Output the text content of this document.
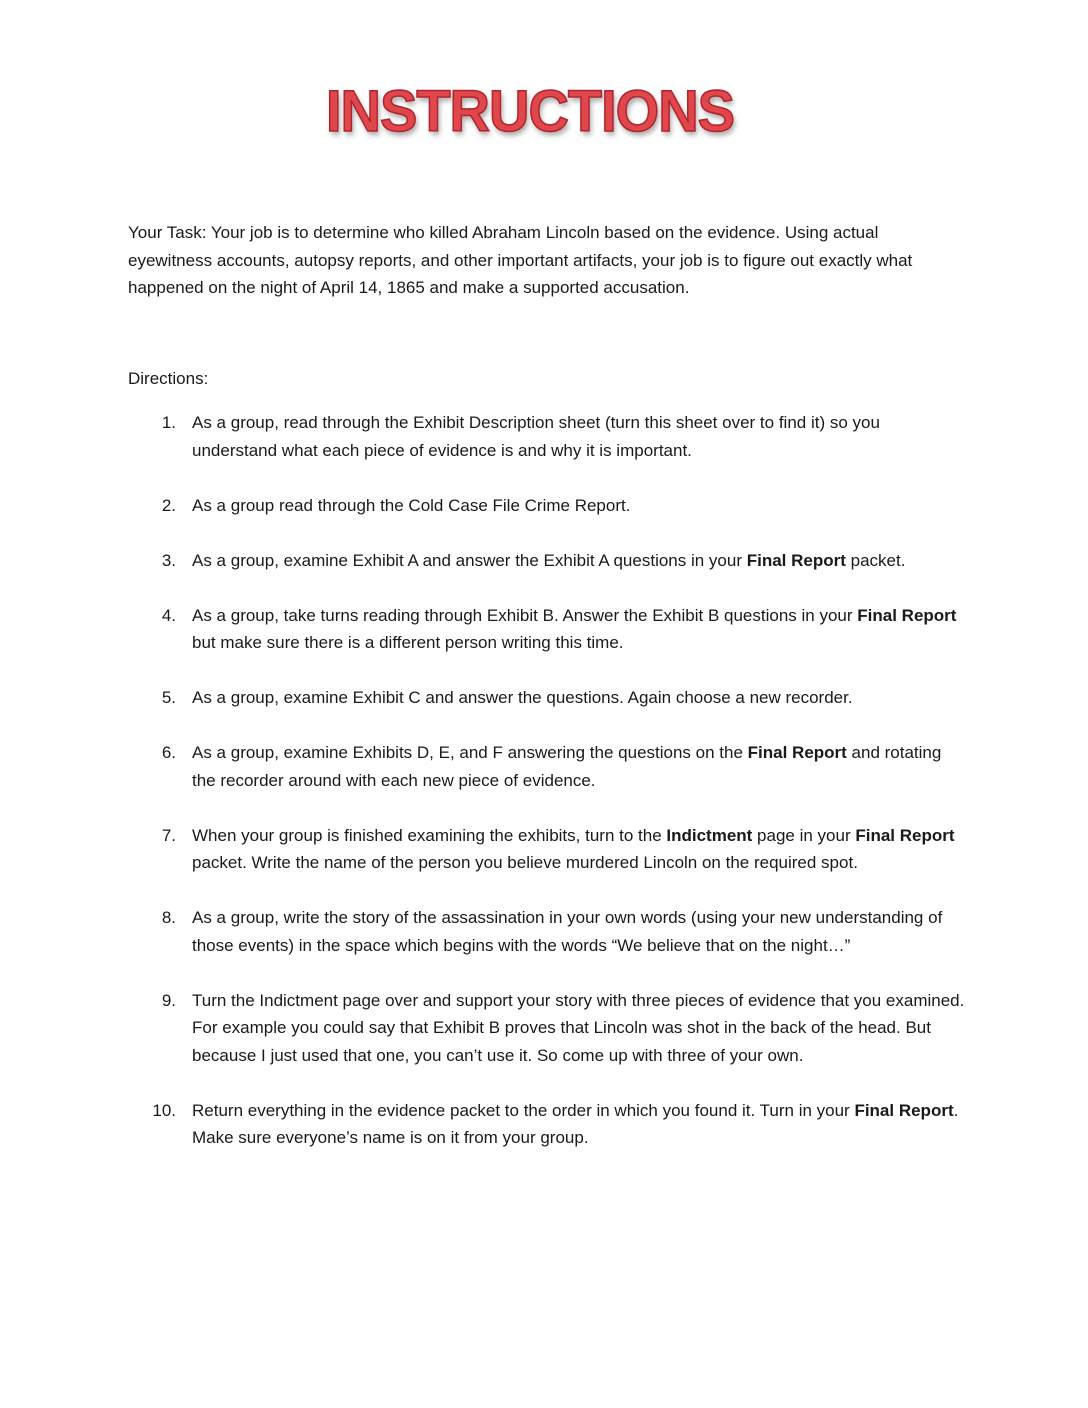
INSTRUCTIONS

Your Task: Your job is to determine who killed Abraham Lincoln based on the evidence. Using actual eyewitness accounts, autopsy reports, and other important artifacts, your job is to figure out exactly what happened on the night of April 14, 1865 and make a supported accusation.

Directions:
1. As a group, read through the Exhibit Description sheet (turn this sheet over to find it) so you understand what each piece of evidence is and why it is important.
2. As a group read through the Cold Case File Crime Report.
3. As a group, examine Exhibit A and answer the Exhibit A questions in your Final Report packet.
4. As a group, take turns reading through Exhibit B. Answer the Exhibit B questions in your Final Report but make sure there is a different person writing this time.
5. As a group, examine Exhibit C and answer the questions. Again choose a new recorder.
6. As a group, examine Exhibits D, E, and F answering the questions on the Final Report and rotating the recorder around with each new piece of evidence.
7. When your group is finished examining the exhibits, turn to the Indictment page in your Final Report packet. Write the name of the person you believe murdered Lincoln on the required spot.
8. As a group, write the story of the assassination in your own words (using your new understanding of those events) in the space which begins with the words “We believe that on the night…”
9. Turn the Indictment page over and support your story with three pieces of evidence that you examined. For example you could say that Exhibit B proves that Lincoln was shot in the back of the head. But because I just used that one, you can’t use it. So come up with three of your own.
10. Return everything in the evidence packet to the order in which you found it. Turn in your Final Report. Make sure everyone’s name is on it from your group.
